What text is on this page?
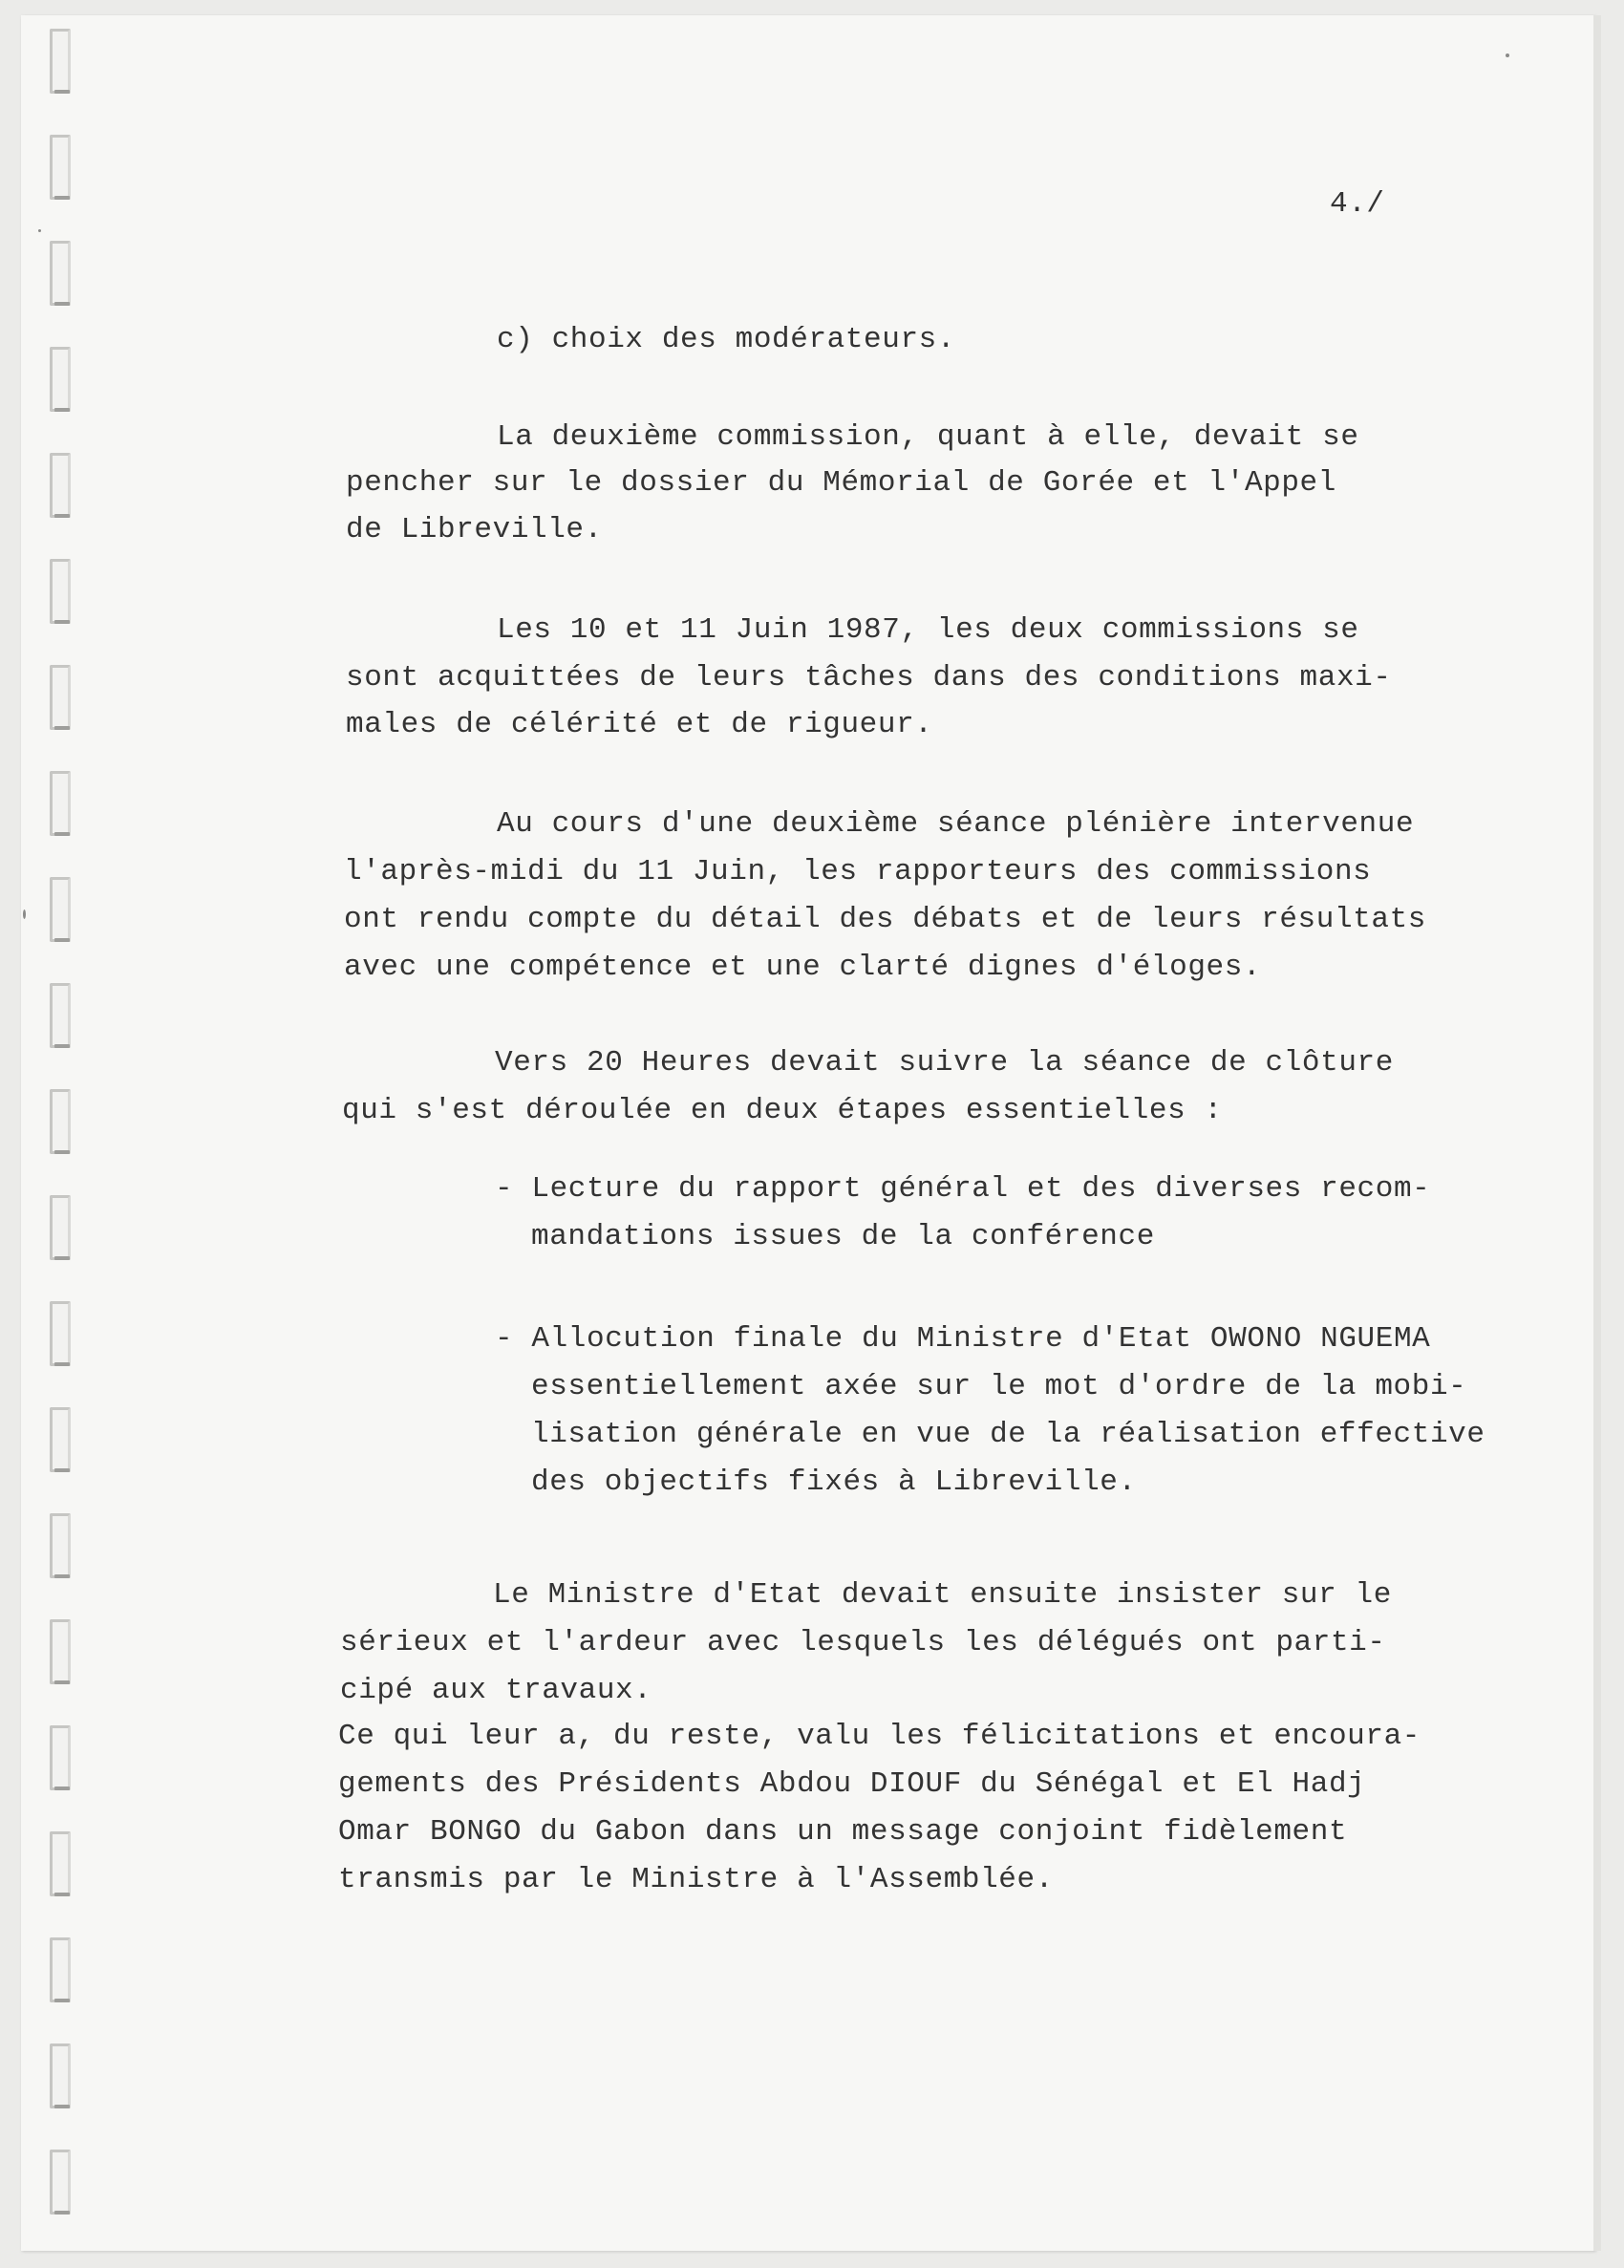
4./

c) choix des modérateurs.

La deuxième commission, quant à elle, devait se

pencher sur le dossier du Mémorial de Gorée et l'Appel

de Libreville.

Les 10 et 11 Juin 1987, les deux commissions se

sont acquittées de leurs tâches dans des conditions maxi-

males de célérité et de rigueur.

Au cours d'une deuxième séance plénière intervenue

l'après-midi du 11 Juin, les rapporteurs des commissions

ont rendu compte du détail des débats et de leurs résultats

avec une compétence et une clarté dignes d'éloges.

Vers 20 Heures devait suivre la séance de clôture

qui s'est déroulée en deux étapes essentielles :

- Lecture du rapport général et des diverses recom-

mandations issues de la conférence

- Allocution finale du Ministre d'Etat OWONO NGUEMA

essentiellement axée sur le mot d'ordre de la mobi-

lisation générale en vue de la réalisation effective

des objectifs fixés à Libreville.

Le Ministre d'Etat devait ensuite insister sur le

sérieux et l'ardeur avec lesquels les délégués ont parti-

cipé aux travaux.

Ce qui leur a, du reste, valu les félicitations et encoura-

gements des Présidents Abdou DIOUF du Sénégal et El Hadj

Omar BONGO du Gabon dans un message conjoint fidèlement

transmis par le Ministre à l'Assemblée.
